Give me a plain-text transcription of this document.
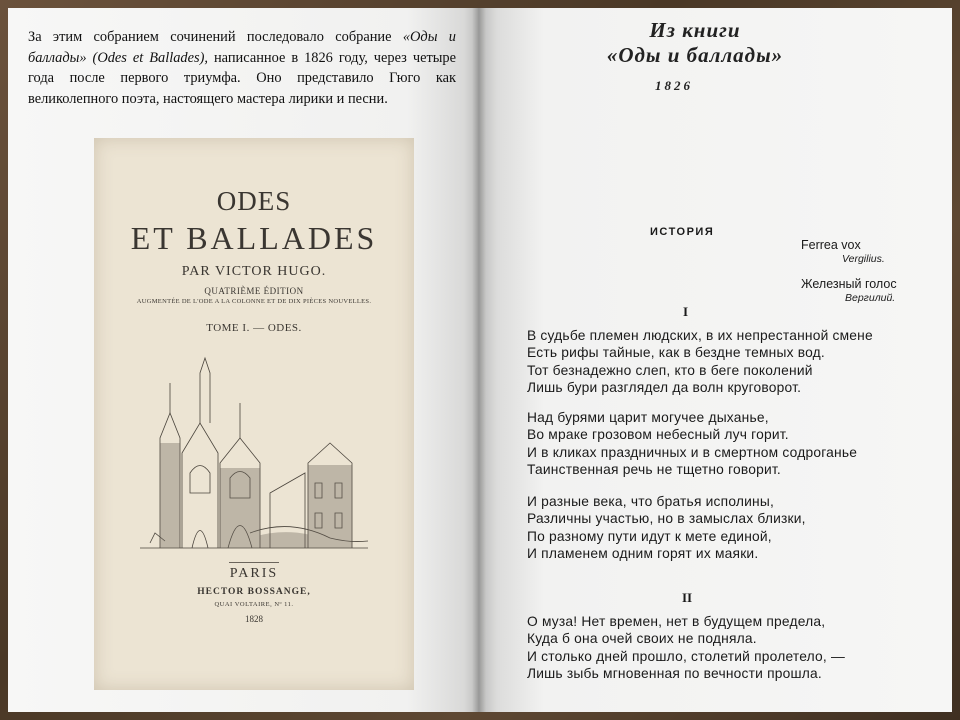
За этим собранием сочинений последовало собрание «Оды и баллады» (Odes et Ballades), написанное в 1826 году, через четыре года после первого триумфа. Оно представило Гюго как великолепного поэта, настоящего мастера лирики и песни.
ODES
ET BALLADES
PAR VICTOR HUGO.
QUATRIÈME ÉDITION
AUGMENTÉE DE L'ODE A LA COLONNE ET DE DIX PIÈCES NOUVELLES.
TOME I. — ODES.
PARIS
HECTOR BOSSANGE,
QUAI VOLTAIRE, Nº 11.
1828
Из книги
«Оды и баллады»
1826
ИСТОРИЯ
Ferrea vox
Vergilius.
Железный голос
Вергилий.
I
В судьбе племен людских, в их непрестанной смене
Есть рифы тайные, как в бездне темных вод.
Тот безнадежно слеп, кто в беге поколений
Лишь бури разглядел да волн круговорот.
Над бурями царит могучее дыханье,
Во мраке грозовом небесный луч горит.
И в кликах праздничных и в смертном содроганье
Таинственная речь не тщетно говорит.
И разные века, что братья исполины,
Различны участью, но в замыслах близки,
По разному пути идут к мете единой,
И пламенем одним горят их маяки.
II
О муза! Нет времен, нет в будущем предела,
Куда б она очей своих не подняла.
И столько дней прошло, столетий пролетело, —
Лишь зыбь мгновенная по вечности прошла.
